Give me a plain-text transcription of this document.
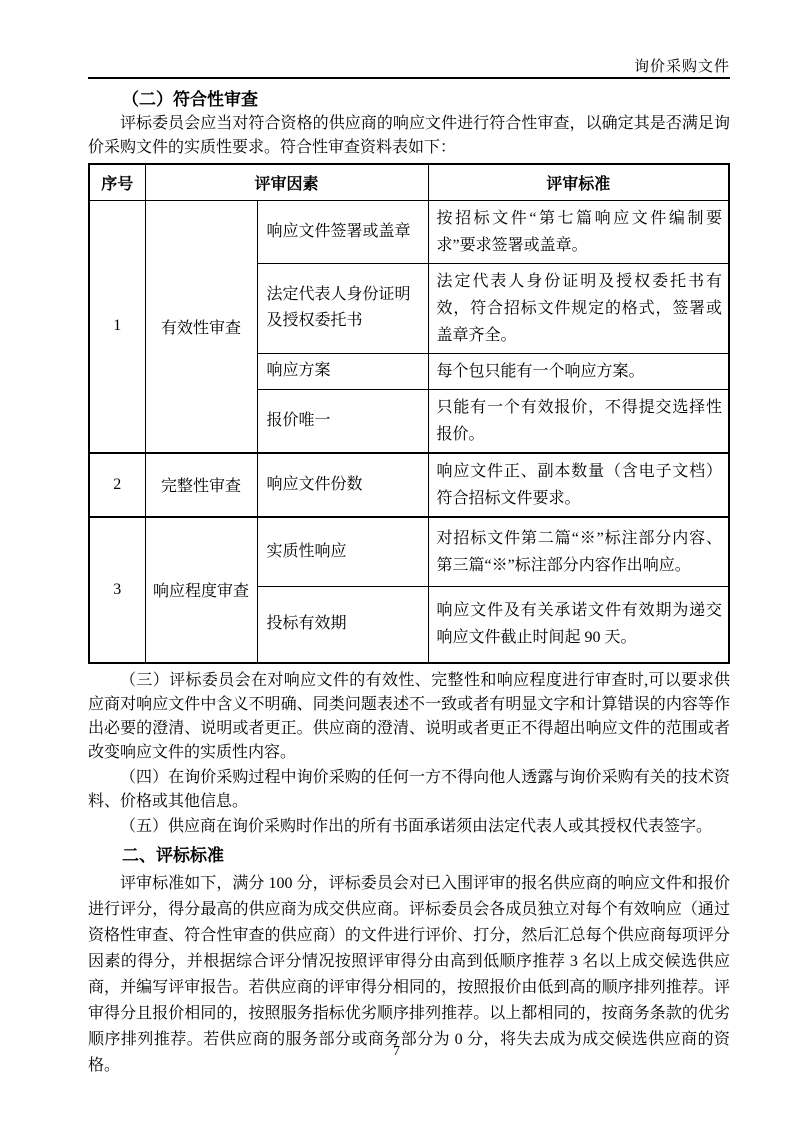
询价采购文件
（二）符合性审查

评标委员会应当对符合资格的供应商的响应文件进行符合性审查，以确定其是否满足询价采购文件的实质性要求。符合性审查资料表如下：

序号	评审因素		评审标准
1	有效性审查	响应文件签署或盖章	按招标文件“第七篇响应文件编制要求”要求签署或盖章。
		法定代表人身份证明及授权委托书	法定代表人身份证明及授权委托书有效，符合招标文件规定的格式，签署或盖章齐全。
		响应方案	每个包只能有一个响应方案。
		报价唯一	只能有一个有效报价，不得提交选择性报价。
2	完整性审查	响应文件份数	响应文件正、副本数量（含电子文档）符合招标文件要求。
3	响应程度审查	实质性响应	对招标文件第二篇“※”标注部分内容、第三篇“※”标注部分内容作出响应。
		投标有效期	响应文件及有关承诺文件有效期为递交响应文件截止时间起 90 天。

（三）评标委员会在对响应文件的有效性、完整性和响应程度进行审查时,可以要求供应商对响应文件中含义不明确、同类问题表述不一致或者有明显文字和计算错误的内容等作出必要的澄清、说明或者更正。供应商的澄清、说明或者更正不得超出响应文件的范围或者改变响应文件的实质性内容。

（四）在询价采购过程中询价采购的任何一方不得向他人透露与询价采购有关的技术资料、价格或其他信息。

（五）供应商在询价采购时作出的所有书面承诺须由法定代表人或其授权代表签字。

二、评标标准

评审标准如下，满分 100 分，评标委员会对已入围评审的报名供应商的响应文件和报价进行评分，得分最高的供应商为成交供应商。评标委员会各成员独立对每个有效响应（通过资格性审查、符合性审查的供应商）的文件进行评价、打分，然后汇总每个供应商每项评分因素的得分，并根据综合评分情况按照评审得分由高到低顺序推荐 3 名以上成交候选供应商，并编写评审报告。若供应商的评审得分相同的，按照报价由低到高的顺序排列推荐。评审得分且报价相同的，按照服务指标优劣顺序排列推荐。以上都相同的，按商务条款的优劣顺序排列推荐。若供应商的服务部分或商务部分为 0 分，将失去成为成交候选供应商的资格。

7
